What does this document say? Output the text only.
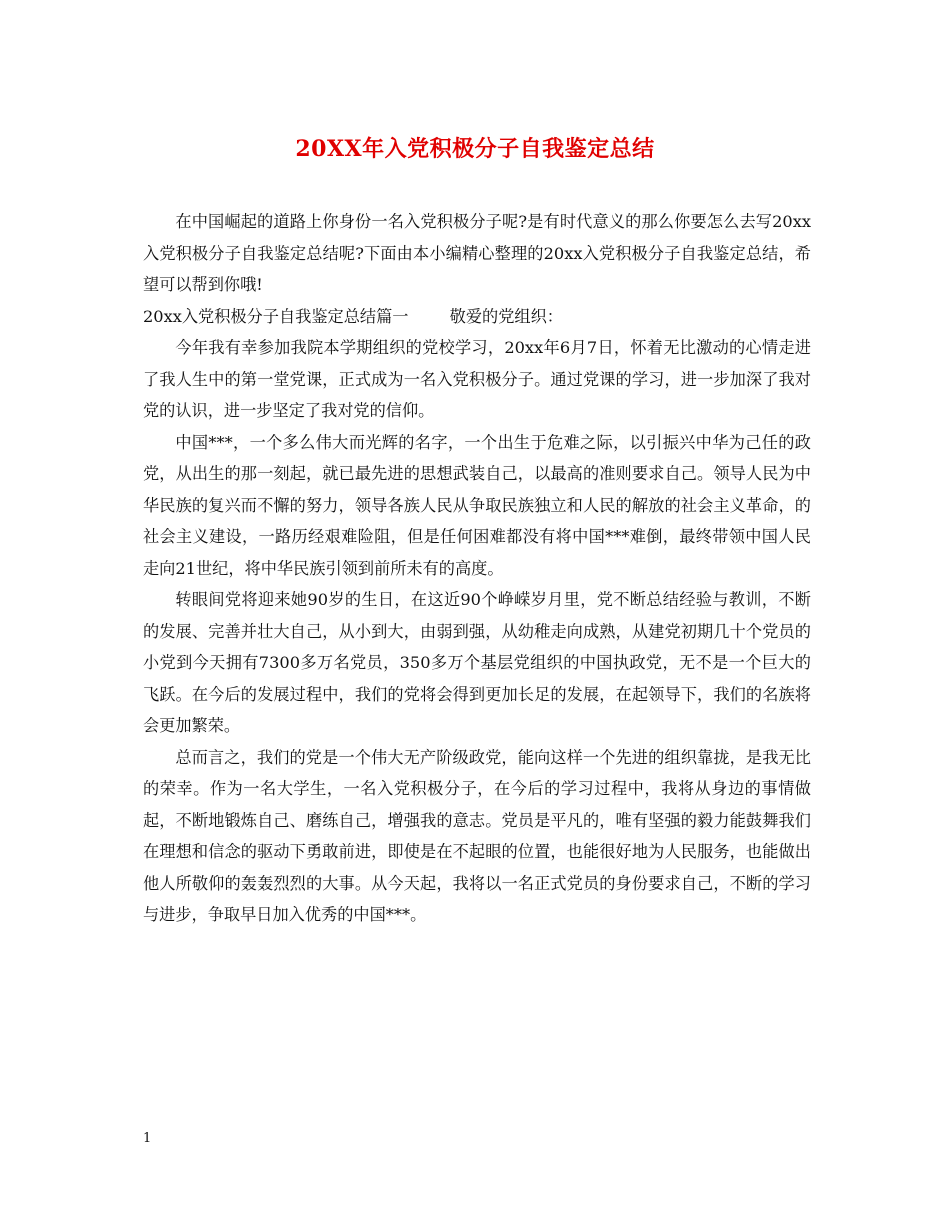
20XX年入党积极分子自我鉴定总结

在中国崛起的道路上你身份一名入党积极分子呢?是有时代意义的那么你要怎么去写20xx入党积极分子自我鉴定总结呢?下面由本小编精心整理的20xx入党积极分子自我鉴定总结，希望可以帮到你哦!

20xx入党积极分子自我鉴定总结篇一        敬爱的党组织：

今年我有幸参加我院本学期组织的党校学习，20xx年6月7日，怀着无比激动的心情走进了我人生中的第一堂党课，正式成为一名入党积极分子。通过党课的学习，进一步加深了我对党的认识，进一步坚定了我对党的信仰。

中国***，一个多么伟大而光辉的名字，一个出生于危难之际，以引振兴中华为己任的政党，从出生的那一刻起，就已最先进的思想武装自己，以最高的准则要求自己。领导人民为中华民族的复兴而不懈的努力，领导各族人民从争取民族独立和人民的解放的社会主义革命，的社会主义建设，一路历经艰难险阻，但是任何困难都没有将中国***难倒，最终带领中国人民走向21世纪，将中华民族引领到前所未有的高度。

转眼间党将迎来她90岁的生日，在这近90个峥嵘岁月里，党不断总结经验与教训，不断的发展、完善并壮大自己，从小到大，由弱到强，从幼稚走向成熟，从建党初期几十个党员的小党到今天拥有7300多万名党员，350多万个基层党组织的中国执政党，无不是一个巨大的飞跃。在今后的发展过程中，我们的党将会得到更加长足的发展，在起领导下，我们的名族将会更加繁荣。

总而言之，我们的党是一个伟大无产阶级政党，能向这样一个先进的组织靠拢，是我无比的荣幸。作为一名大学生，一名入党积极分子，在今后的学习过程中，我将从身边的事情做起，不断地锻炼自己、磨练自己，增强我的意志。党员是平凡的，唯有坚强的毅力能鼓舞我们在理想和信念的驱动下勇敢前进，即使是在不起眼的位置，也能很好地为人民服务，也能做出他人所敬仰的轰轰烈烈的大事。从今天起，我将以一名正式党员的身份要求自己，不断的学习与进步，争取早日加入优秀的中国***。

1
